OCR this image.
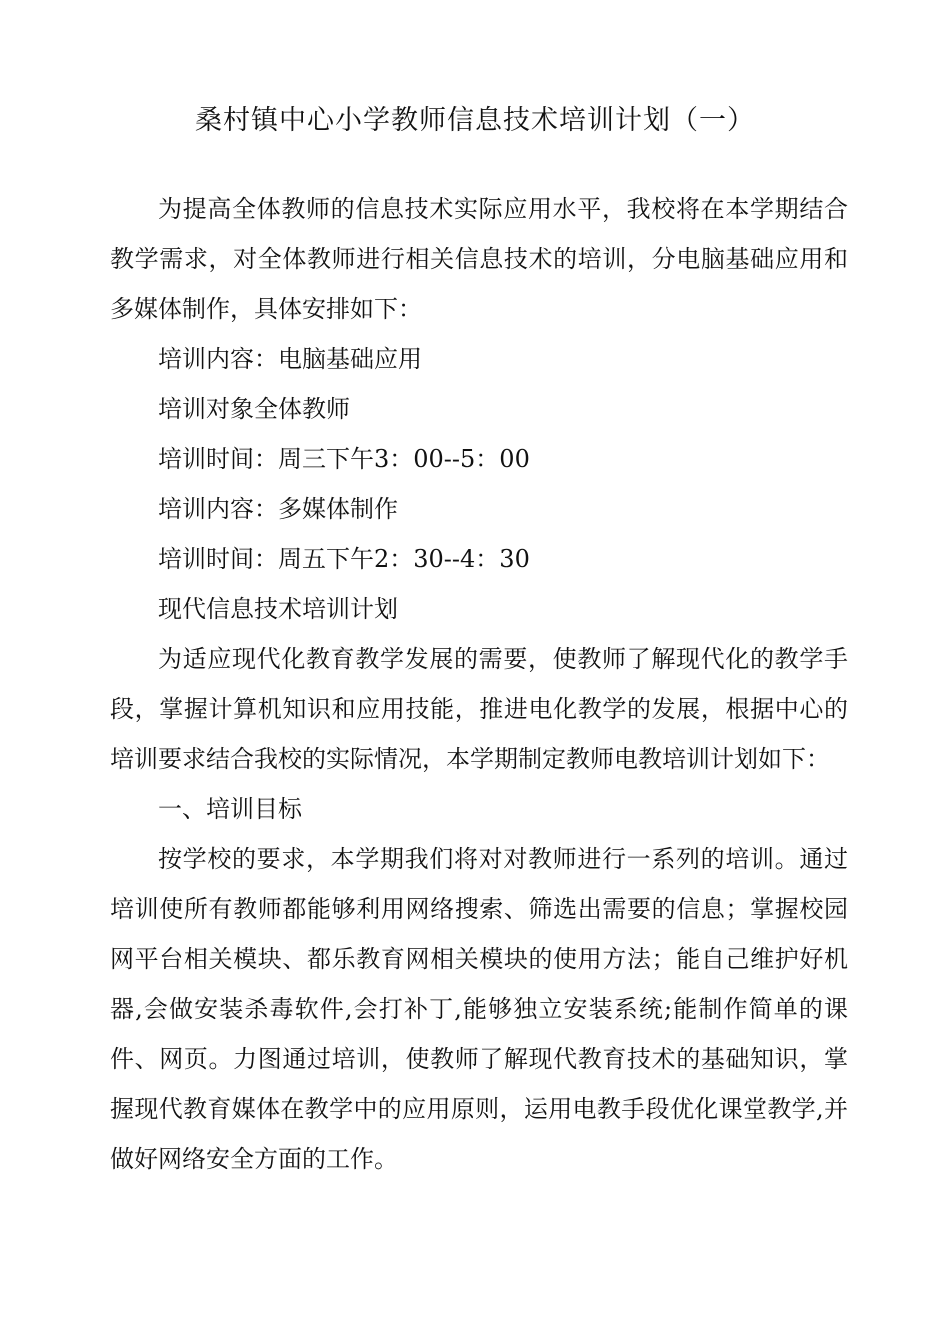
桑村镇中心小学教师信息技术培训计划（一）

为提高全体教师的信息技术实际应用水平，我校将在本学期结合教学需求，对全体教师进行相关信息技术的培训，分电脑基础应用和多媒体制作，具体安排如下：

培训内容：电脑基础应用

培训对象全体教师

培训时间：周三下午3：00--5：00

培训内容：多媒体制作

培训时间：周五下午2：30--4：30

现代信息技术培训计划

为适应现代化教育教学发展的需要，使教师了解现代化的教学手段，掌握计算机知识和应用技能，推进电化教学的发展，根据中心的培训要求结合我校的实际情况，本学期制定教师电教培训计划如下：

一、培训目标

按学校的要求，本学期我们将对对教师进行一系列的培训。通过培训使所有教师都能够利用网络搜索、筛选出需要的信息；掌握校园网平台相关模块、都乐教育网相关模块的使用方法；能自己维护好机器,会做安装杀毒软件,会打补丁,能够独立安装系统;能制作简单的课件、网页。力图通过培训，使教师了解现代教育技术的基础知识，掌握现代教育媒体在教学中的应用原则，运用电教手段优化课堂教学,并做好网络安全方面的工作。
